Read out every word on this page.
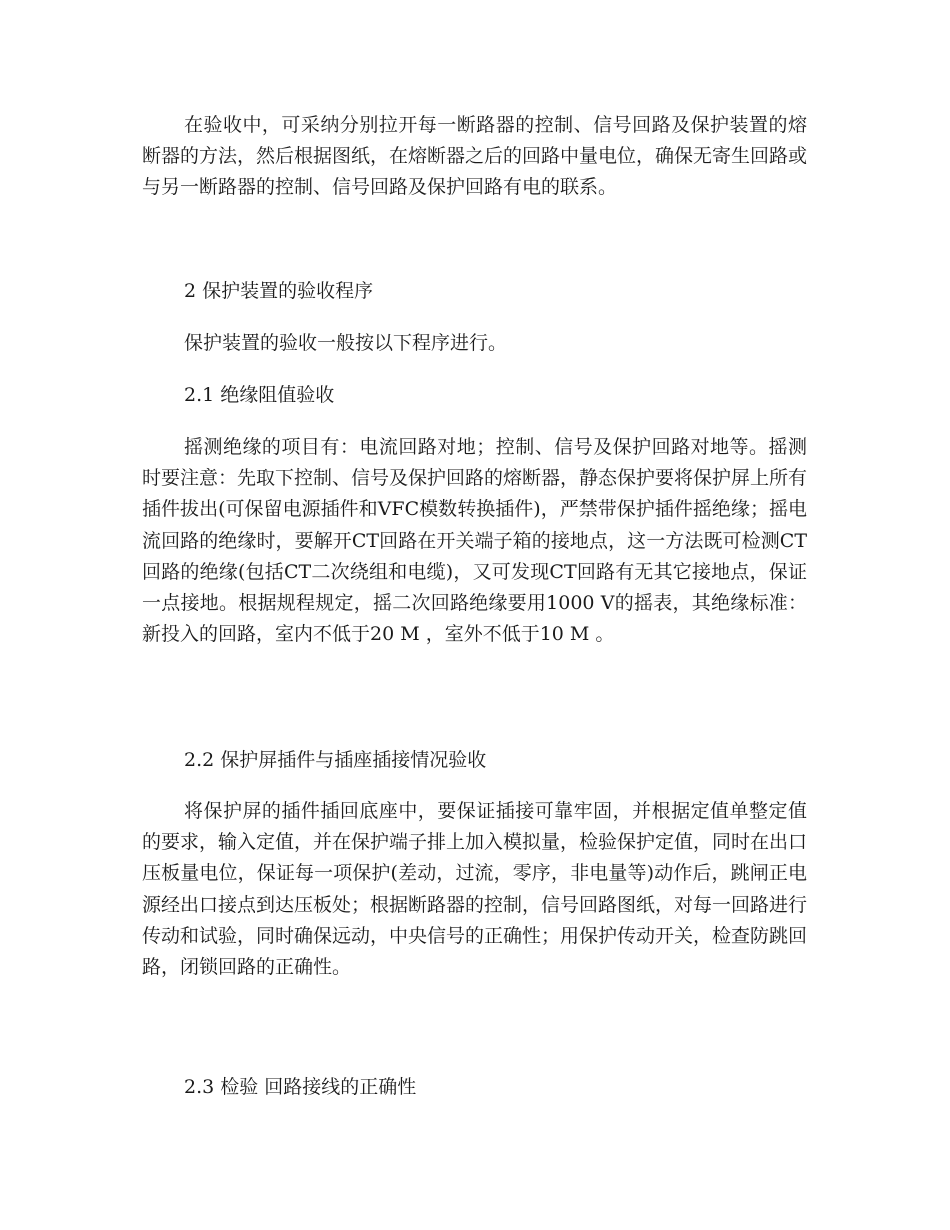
在验收中，可采纳分别拉开每一断路器的控制、信号回路及保护装置的熔断器的方法，然后根据图纸，在熔断器之后的回路中量电位，确保无寄生回路或与另一断路器的控制、信号回路及保护回路有电的联系。

2 保护装置的验收程序

保护装置的验收一般按以下程序进行。

2.1 绝缘阻值验收

摇测绝缘的项目有：电流回路对地；控制、信号及保护回路对地等。摇测时要注意：先取下控制、信号及保护回路的熔断器，静态保护要将保护屏上所有插件拔出(可保留电源插件和VFC模数转换插件)，严禁带保护插件摇绝缘；摇电流回路的绝缘时，要解开CT回路在开关端子箱的接地点，这一方法既可检测CT回路的绝缘(包括CT二次绕组和电缆)，又可发现CT回路有无其它接地点，保证一点接地。根据规程规定，摇二次回路绝缘要用1000 V的摇表，其绝缘标准：新投入的回路，室内不低于20 M ，室外不低于10 M 。

2.2 保护屏插件与插座插接情况验收

将保护屏的插件插回底座中，要保证插接可靠牢固，并根据定值单整定值的要求，输入定值，并在保护端子排上加入模拟量，检验保护定值，同时在出口压板量电位，保证每一项保护(差动，过流，零序，非电量等)动作后，跳闸正电源经出口接点到达压板处；根据断路器的控制，信号回路图纸，对每一回路进行传动和试验，同时确保远动，中央信号的正确性；用保护传动开关，检查防跳回路，闭锁回路的正确性。

2.3 检验 回路接线的正确性
